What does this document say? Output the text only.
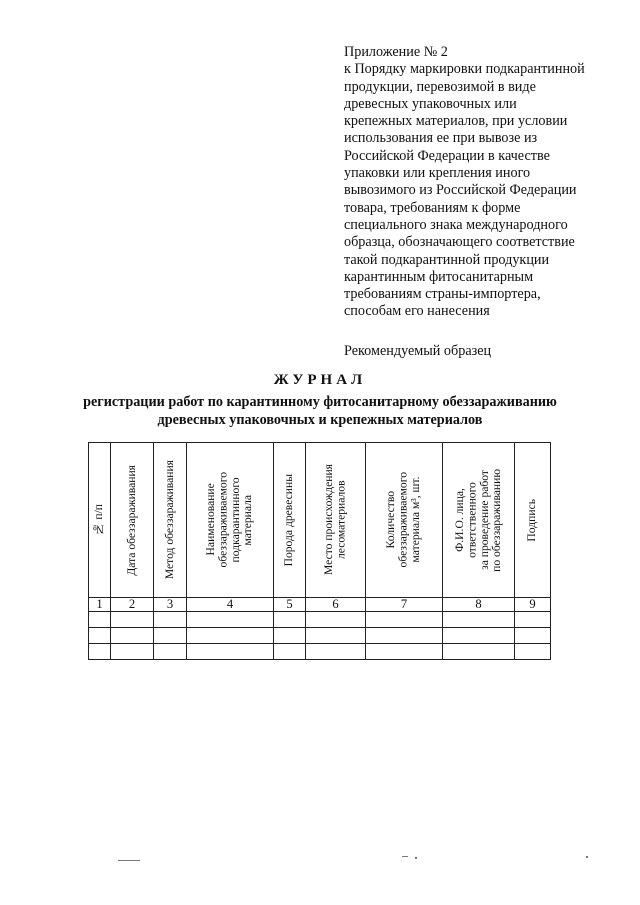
Приложение № 2
к Порядку маркировки подкарантинной
продукции, перевозимой в виде
древесных упаковочных или
крепежных материалов, при условии
использования ее при вывозе из
Российской Федерации в качестве
упаковки или крепления иного
вывозимого из Российской Федерации
товара, требованиям к форме
специального знака международного
образца, обозначающего соответствие
такой подкарантинной продукции
карантинным фитосанитарным
требованиям страны-импортера,
способам его нанесения
Рекомендуемый образец
ЖУРНАЛ
регистрации работ по карантинному фитосанитарному обеззараживанию
древесных упаковочных и крепежных материалов
№ п/п	Дата обеззараживания	Метод обеззараживания	Наименование
обеззараживаемого
подкарантинного
материала	Порода древесины	Место происхождения
лесоматериалов	Количество
обеззараживаемого
материала м³, шт.	Ф.И.О. лица,
ответственного
за проведение работ
по обеззараживанию	Подпись

1	2	3	4	5	6	7	8	9
